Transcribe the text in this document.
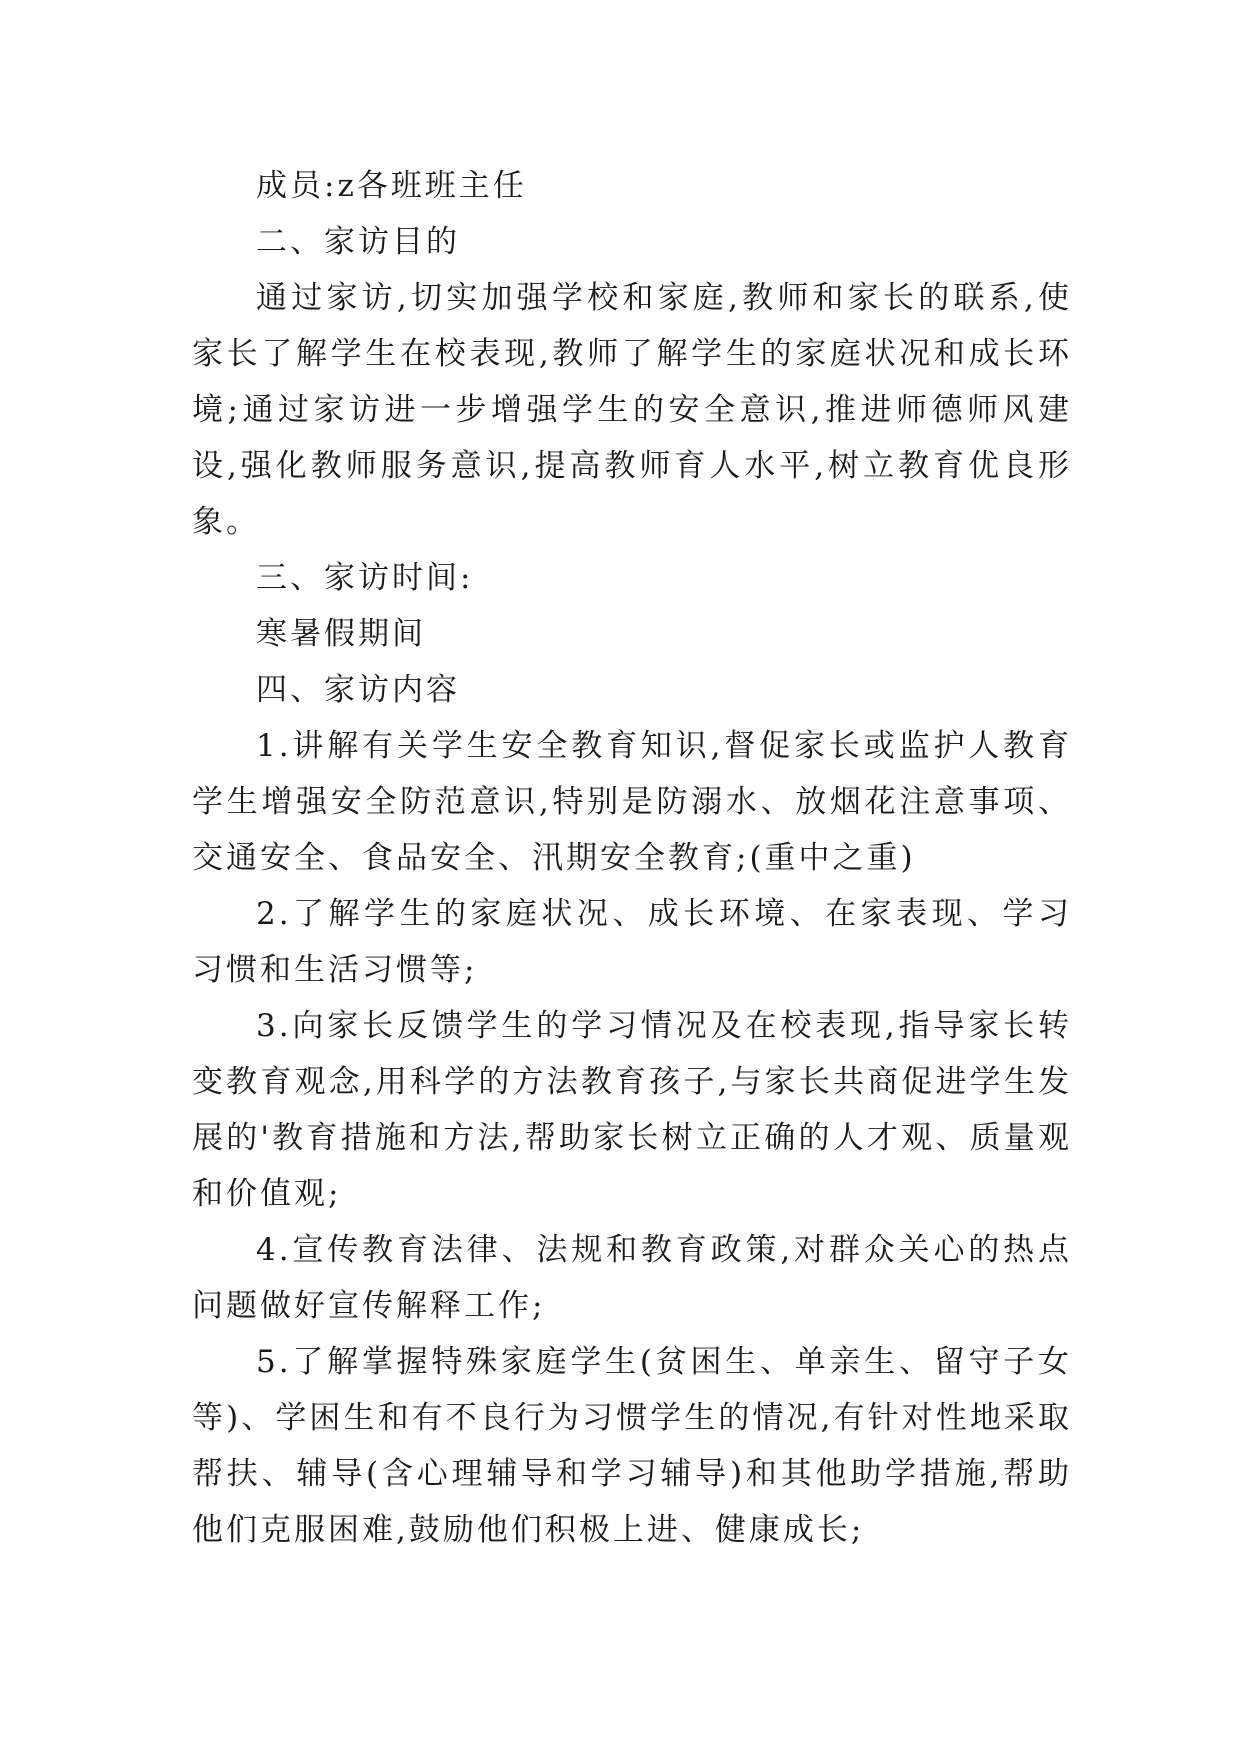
成员:z各班班主任

二、家访目的

通过家访,切实加强学校和家庭,教师和家长的联系,使家长了解学生在校表现,教师了解学生的家庭状况和成长环境;通过家访进一步增强学生的安全意识,推进师德师风建设,强化教师服务意识,提高教师育人水平,树立教育优良形象。

三、家访时间:

寒暑假期间

四、家访内容

1.讲解有关学生安全教育知识,督促家长或监护人教育学生增强安全防范意识,特别是防溺水、放烟花注意事项、交通安全、食品安全、汛期安全教育;(重中之重)

2.了解学生的家庭状况、成长环境、在家表现、学习习惯和生活习惯等;

3.向家长反馈学生的学习情况及在校表现,指导家长转变教育观念,用科学的方法教育孩子,与家长共商促进学生发展的'教育措施和方法,帮助家长树立正确的人才观、质量观和价值观;

4.宣传教育法律、法规和教育政策,对群众关心的热点问题做好宣传解释工作;

5.了解掌握特殊家庭学生(贫困生、单亲生、留守子女等)、学困生和有不良行为习惯学生的情况,有针对性地采取帮扶、辅导(含心理辅导和学习辅导)和其他助学措施,帮助他们克服困难,鼓励他们积极上进、健康成长;
